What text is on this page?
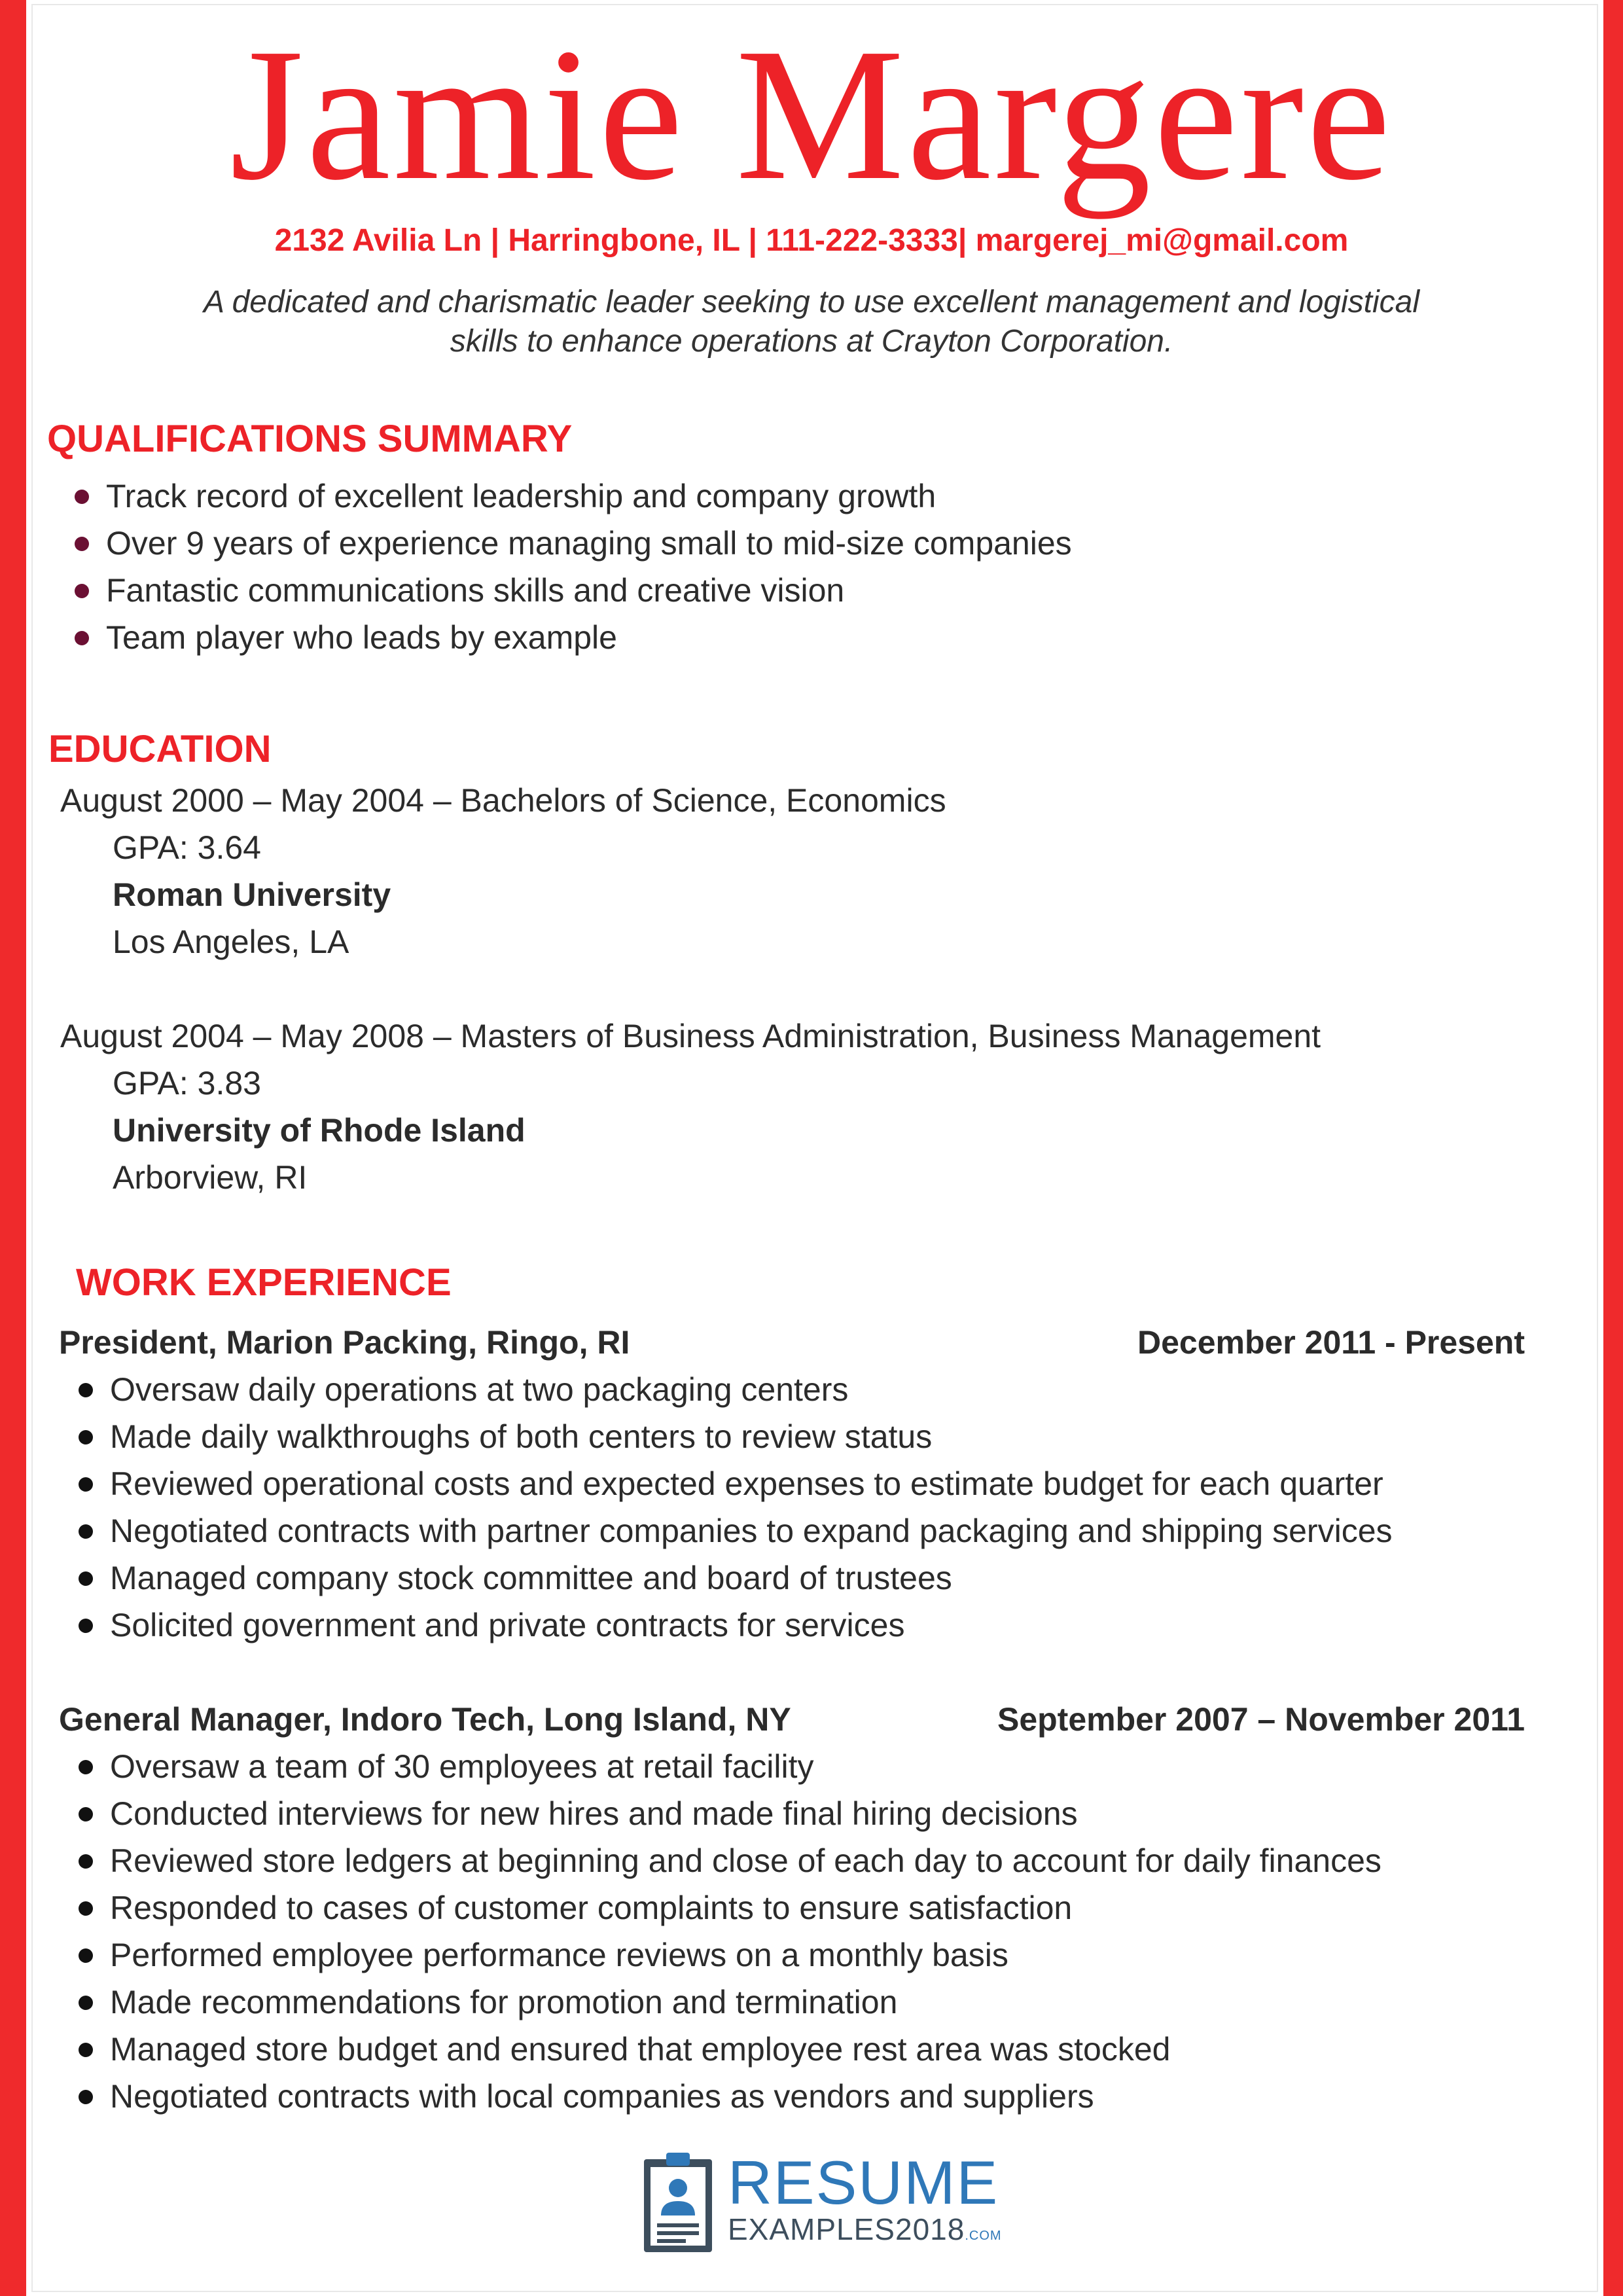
Jamie Margere
2132 Avilia Ln | Harringbone, IL | 111-222-3333| margerej_mi@gmail.com
A dedicated and charismatic leader seeking to use excellent management and logistical
skills to enhance operations at Crayton Corporation.
QUALIFICATIONS SUMMARY
Track record of excellent leadership and company growth
Over 9 years of experience managing small to mid-size companies
Fantastic communications skills and creative vision
Team player who leads by example
EDUCATION
August 2000 – May 2004 – Bachelors of Science, Economics
GPA: 3.64
Roman University
Los Angeles, LA
August 2004 – May 2008 – Masters of Business Administration, Business Management
GPA: 3.83
University of Rhode Island
Arborview, RI
WORK EXPERIENCE
President, Marion Packing, Ringo, RI	December 2011 - Present
Oversaw daily operations at two packaging centers
Made daily walkthroughs of both centers to review status
Reviewed operational costs and expected expenses to estimate budget for each quarter
Negotiated contracts with partner companies to expand packaging and shipping services
Managed company stock committee and board of trustees
Solicited government and private contracts for services
General Manager, Indoro Tech, Long Island, NY	September 2007 – November 2011
Oversaw a team of 30 employees at retail facility
Conducted interviews for new hires and made final hiring decisions
Reviewed store ledgers at beginning and close of each day to account for daily finances
Responded to cases of customer complaints to ensure satisfaction
Performed employee performance reviews on a monthly basis
Made recommendations for promotion and termination
Managed store budget and ensured that employee rest area was stocked
Negotiated contracts with local companies as vendors and suppliers
RESUME
EXAMPLES2018.COM
